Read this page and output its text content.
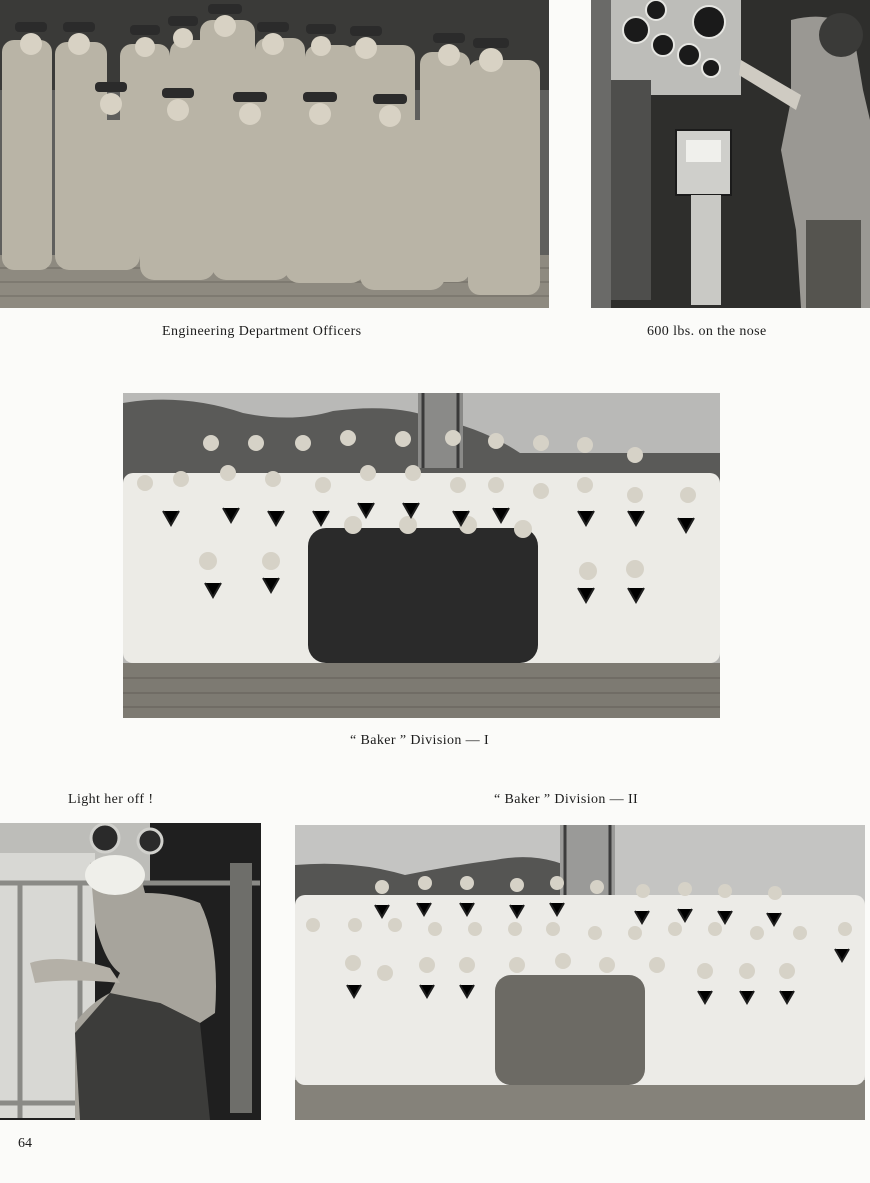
Engineering Department Officers	600 lbs. on the nose
“ Baker ” Division — I
Light her off !	“ Baker ” Division — II
64
